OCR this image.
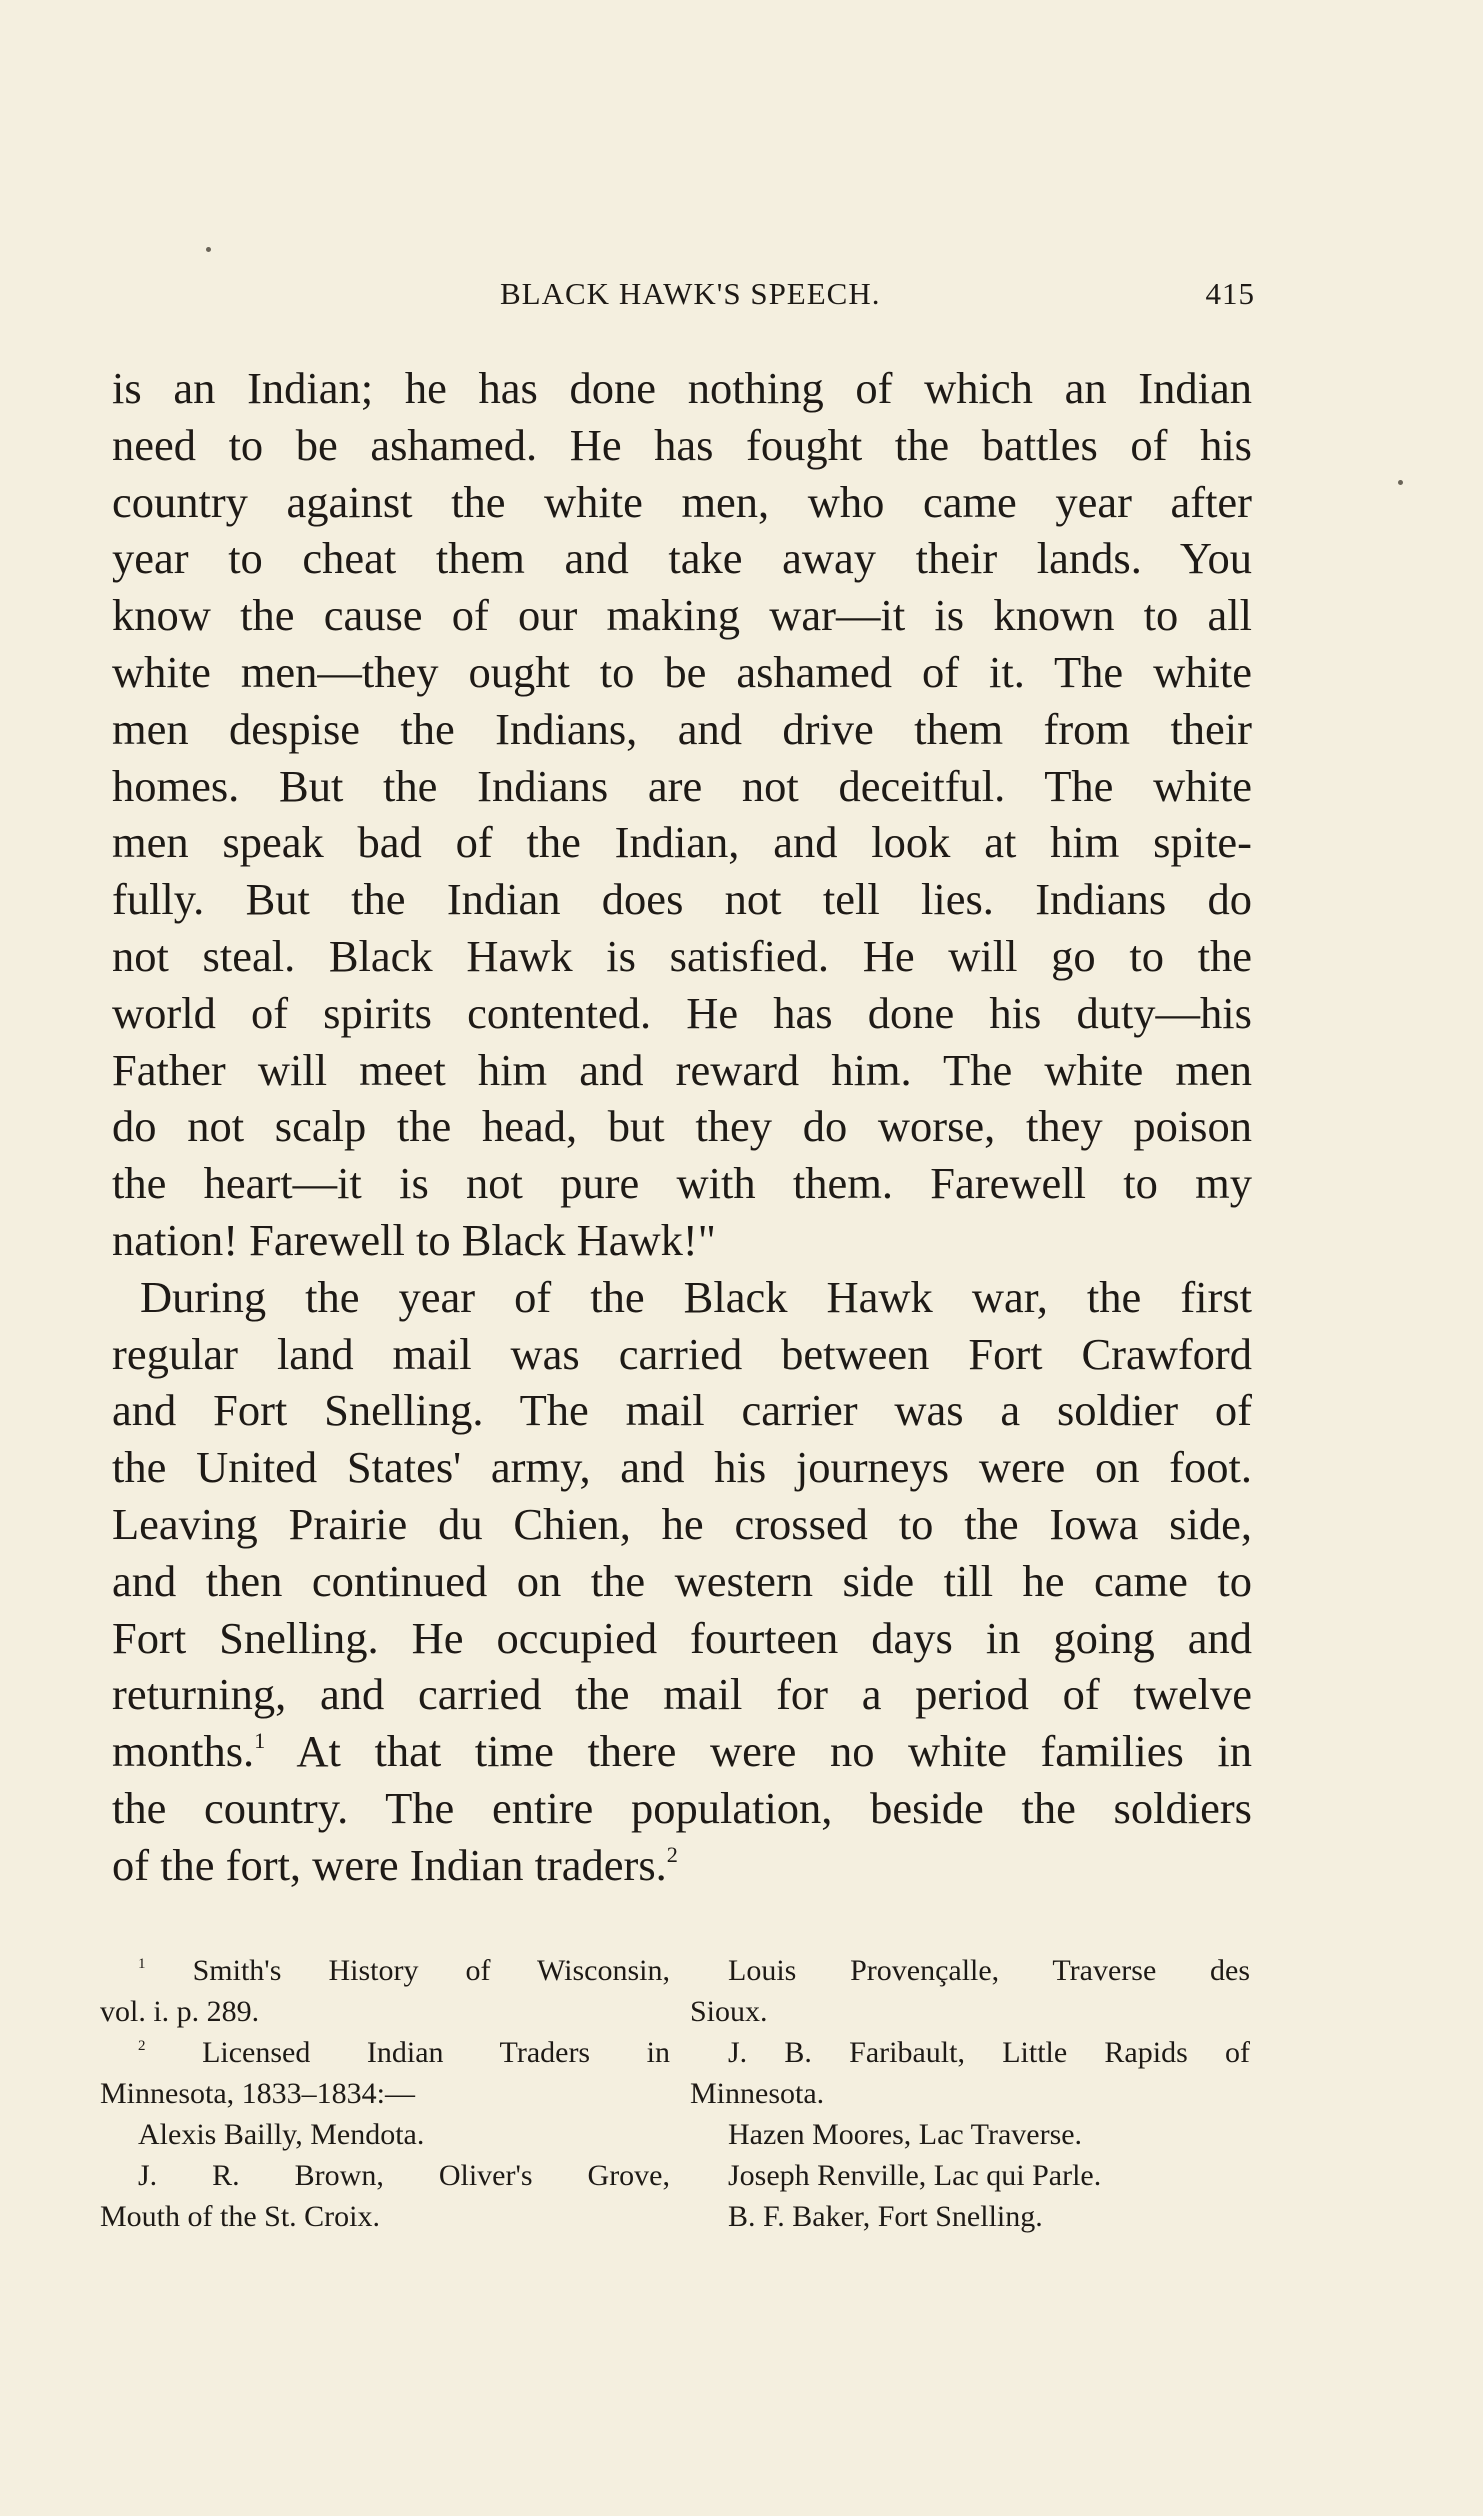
BLACK HAWK'S SPEECH.	415
is an Indian; he has done nothing of which an Indian
need to be ashamed. He has fought the battles of his
country against the white men, who came year after
year to cheat them and take away their lands. You
know the cause of our making war—it is known to all
white men—they ought to be ashamed of it. The white
men despise the Indians, and drive them from their
homes. But the Indians are not deceitful. The white
men speak bad of the Indian, and look at him spite-
fully. But the Indian does not tell lies. Indians do
not steal. Black Hawk is satisfied. He will go to the
world of spirits contented. He has done his duty—his
Father will meet him and reward him. The white men
do not scalp the head, but they do worse, they poison
the heart—it is not pure with them. Farewell to my
nation! Farewell to Black Hawk!"
During the year of the Black Hawk war, the first
regular land mail was carried between Fort Crawford
and Fort Snelling. The mail carrier was a soldier of
the United States' army, and his journeys were on foot.
Leaving Prairie du Chien, he crossed to the Iowa side,
and then continued on the western side till he came to
Fort Snelling. He occupied fourteen days in going and
returning, and carried the mail for a period of twelve
months.$^1$ At that time there were no white families in
the country. The entire population, beside the soldiers
of the fort, were Indian traders.$^2$
$^1$ Smith's History of Wisconsin,
vol. i. p. 289.
$^2$ Licensed Indian Traders in
Minnesota, 1833–1834:—
Alexis Bailly, Mendota.
J. R. Brown, Oliver's Grove,
Mouth of the St. Croix.
Louis Provençalle, Traverse des
Sioux.
J. B. Faribault, Little Rapids of
Minnesota.
Hazen Moores, Lac Traverse.
Joseph Renville, Lac qui Parle.
B. F. Baker, Fort Snelling.
